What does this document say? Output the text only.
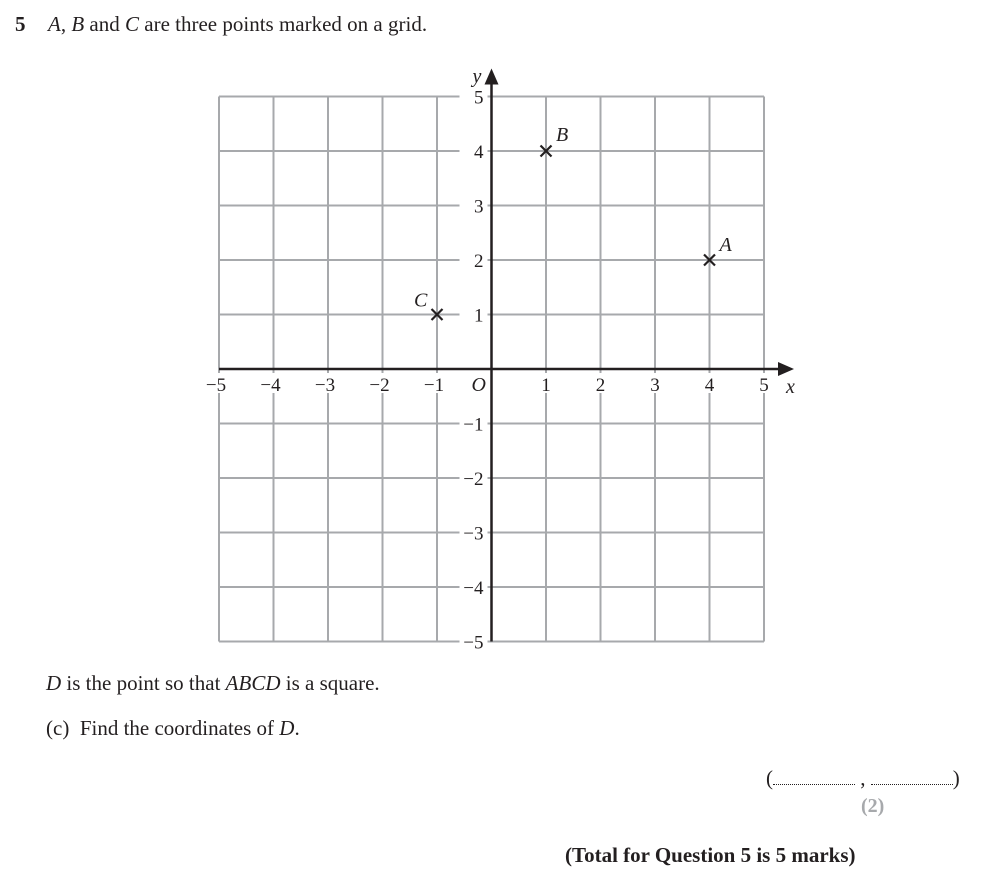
5 A, B and C are three points marked on a grid.
−5 −4 −3 −2 −1	1 2 3 4 5
5
4
3
2
1
−1
−2
−3
−4
−5
x
y
O
A
B
C
D is the point so that ABCD is a square.
(c) Find the coordinates of D.
(	,	)
(2)
(Total for Question 5 is 5 marks)
